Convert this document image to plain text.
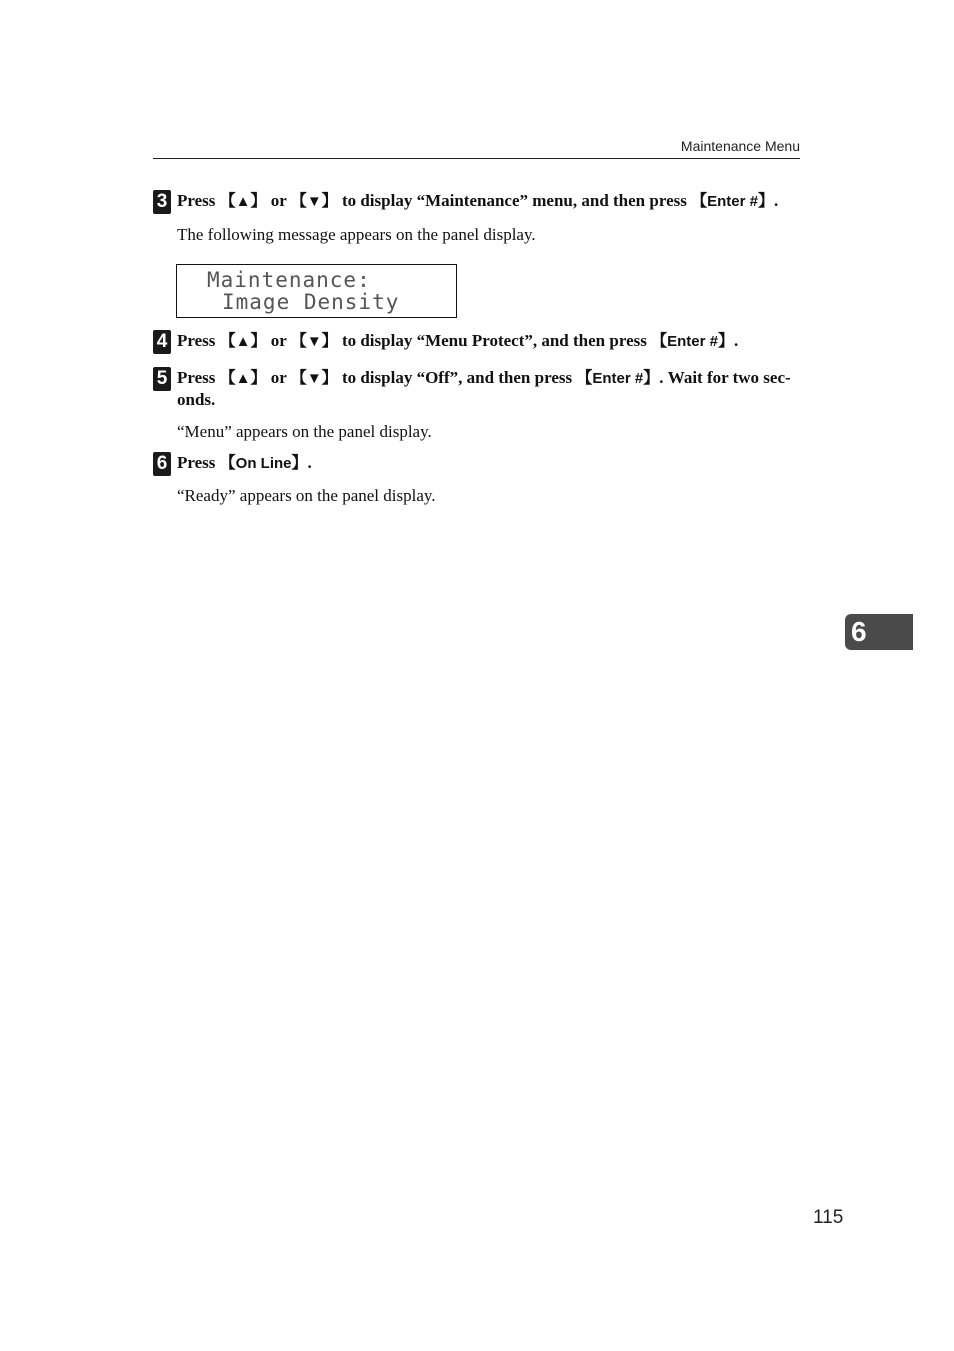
Maintenance Menu
3 Press 【▲】 or 【▼】 to display “Maintenance” menu, and then press 【Enter #】.
The following message appears on the panel display.
Maintenance:
Image Density
4 Press 【▲】 or 【▼】 to display “Menu Protect”, and then press 【Enter #】.
5 Press 【▲】 or 【▼】 to display “Off”, and then press 【Enter #】. Wait for two sec-onds.
“Menu” appears on the panel display.
6 Press 【On Line】.
“Ready” appears on the panel display.
6
115
